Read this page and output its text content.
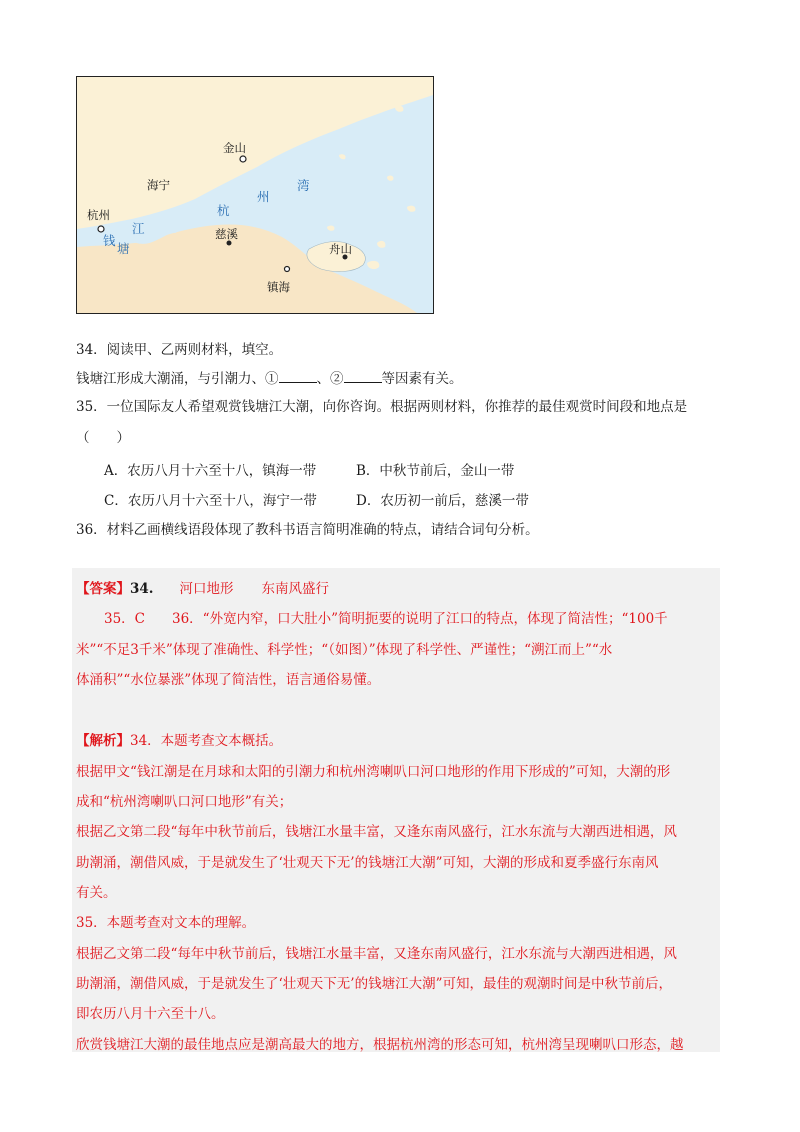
金山
海宁
杭州
慈溪
舟山
镇海
江
塘
钱
杭
州
湾
34．阅读甲、乙两则材料，填空。
钱塘江形成大潮涌，与引潮力、①	、②	等因素有关。
35．一位国际友人希望观赏钱塘江大潮，向你咨询。根据两则材料，你推荐的最佳观赏时间段和地点是
（　　）
A．农历八月十六至十八，镇海一带	B．中秋节前后，金山一带
C．农历八月十六至十八，海宁一带	D．农历初一前后，慈溪一带
36．材料乙画横线语段体现了教科书语言简明准确的特点，请结合词句分析。
【答案】34. 河口地形 东南风盛行
35．C　　36．“外宽内窄，口大肚小”简明扼要的说明了江口的特点，体现了简洁性；“100千
米”“不足3千米”体现了准确性、科学性；“（如图）”体现了科学性、严谨性；“溯江而上”“水
体涌积”“水位暴涨”体现了简洁性，语言通俗易懂。
【解析】34．本题考查文本概括。
根据甲文“钱江潮是在月球和太阳的引潮力和杭州湾喇叭口河口地形的作用下形成的”可知，大潮的形
成和“杭州湾喇叭口河口地形”有关；
根据乙文第二段“每年中秋节前后，钱塘江水量丰富，又逢东南风盛行，江水东流与大潮西进相遇，风
助潮涌，潮借风威，于是就发生了‘壮观天下无’的钱塘江大潮”可知，大潮的形成和夏季盛行东南风
有关。
35．本题考查对文本的理解。
根据乙文第二段“每年中秋节前后，钱塘江水量丰富，又逢东南风盛行，江水东流与大潮西进相遇，风
助潮涌，潮借风威，于是就发生了‘壮观天下无’的钱塘江大潮”可知，最佳的观潮时间是中秋节前后，
即农历八月十六至十八。
欣赏钱塘江大潮的最佳地点应是潮高最大的地方，根据杭州湾的形态可知，杭州湾呈现喇叭口形态，越
